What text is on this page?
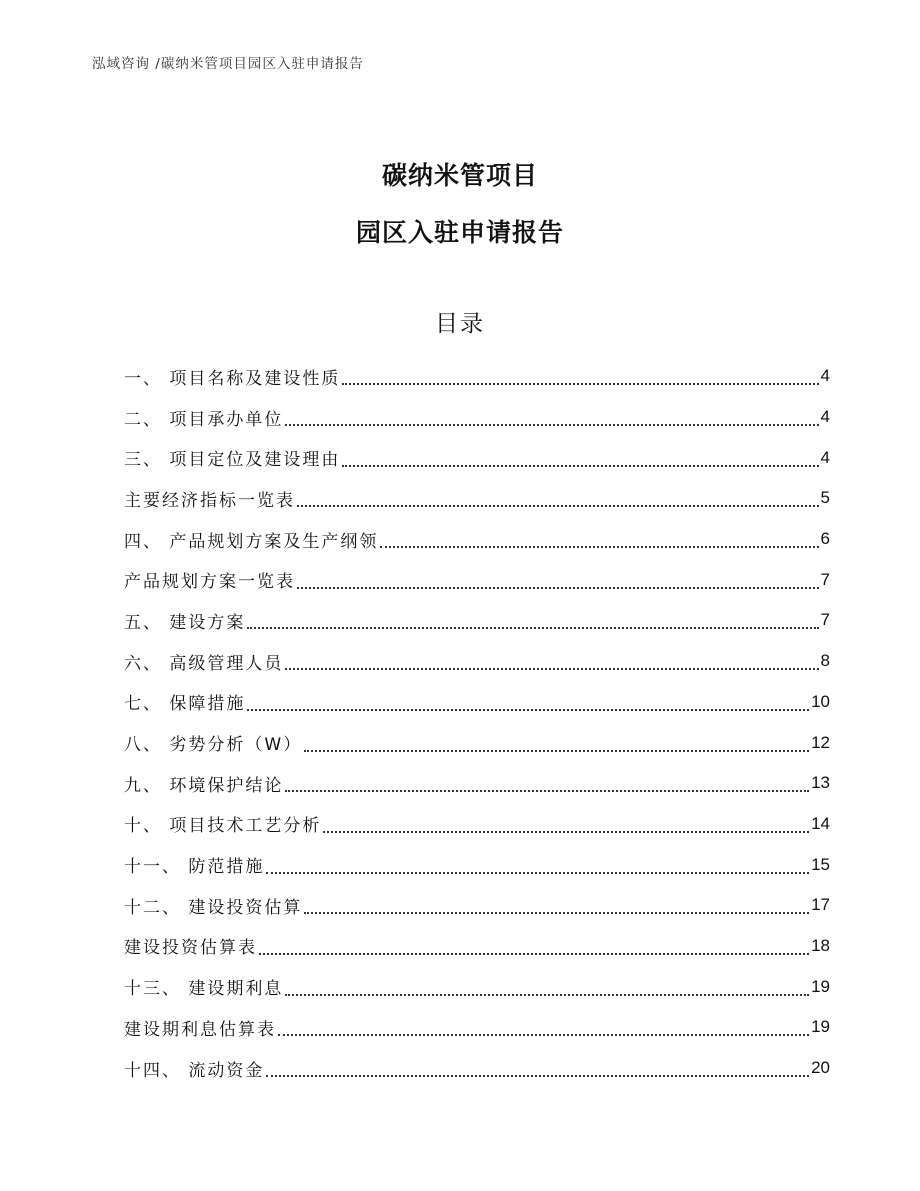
泓域咨询 /碳纳米管项目园区入驻申请报告
碳纳米管项目
园区入驻申请报告
目录
一、 项目名称及建设性质	4
二、 项目承办单位	4
三、 项目定位及建设理由	4
主要经济指标一览表	5
四、 产品规划方案及生产纲领	6
产品规划方案一览表	7
五、 建设方案	7
六、 高级管理人员	8
七、 保障措施	10
八、 劣势分析（W）	12
九、 环境保护结论	13
十、 项目技术工艺分析	14
十一、 防范措施	15
十二、 建设投资估算	17
建设投资估算表	18
十三、 建设期利息	19
建设期利息估算表	19
十四、 流动资金	20
